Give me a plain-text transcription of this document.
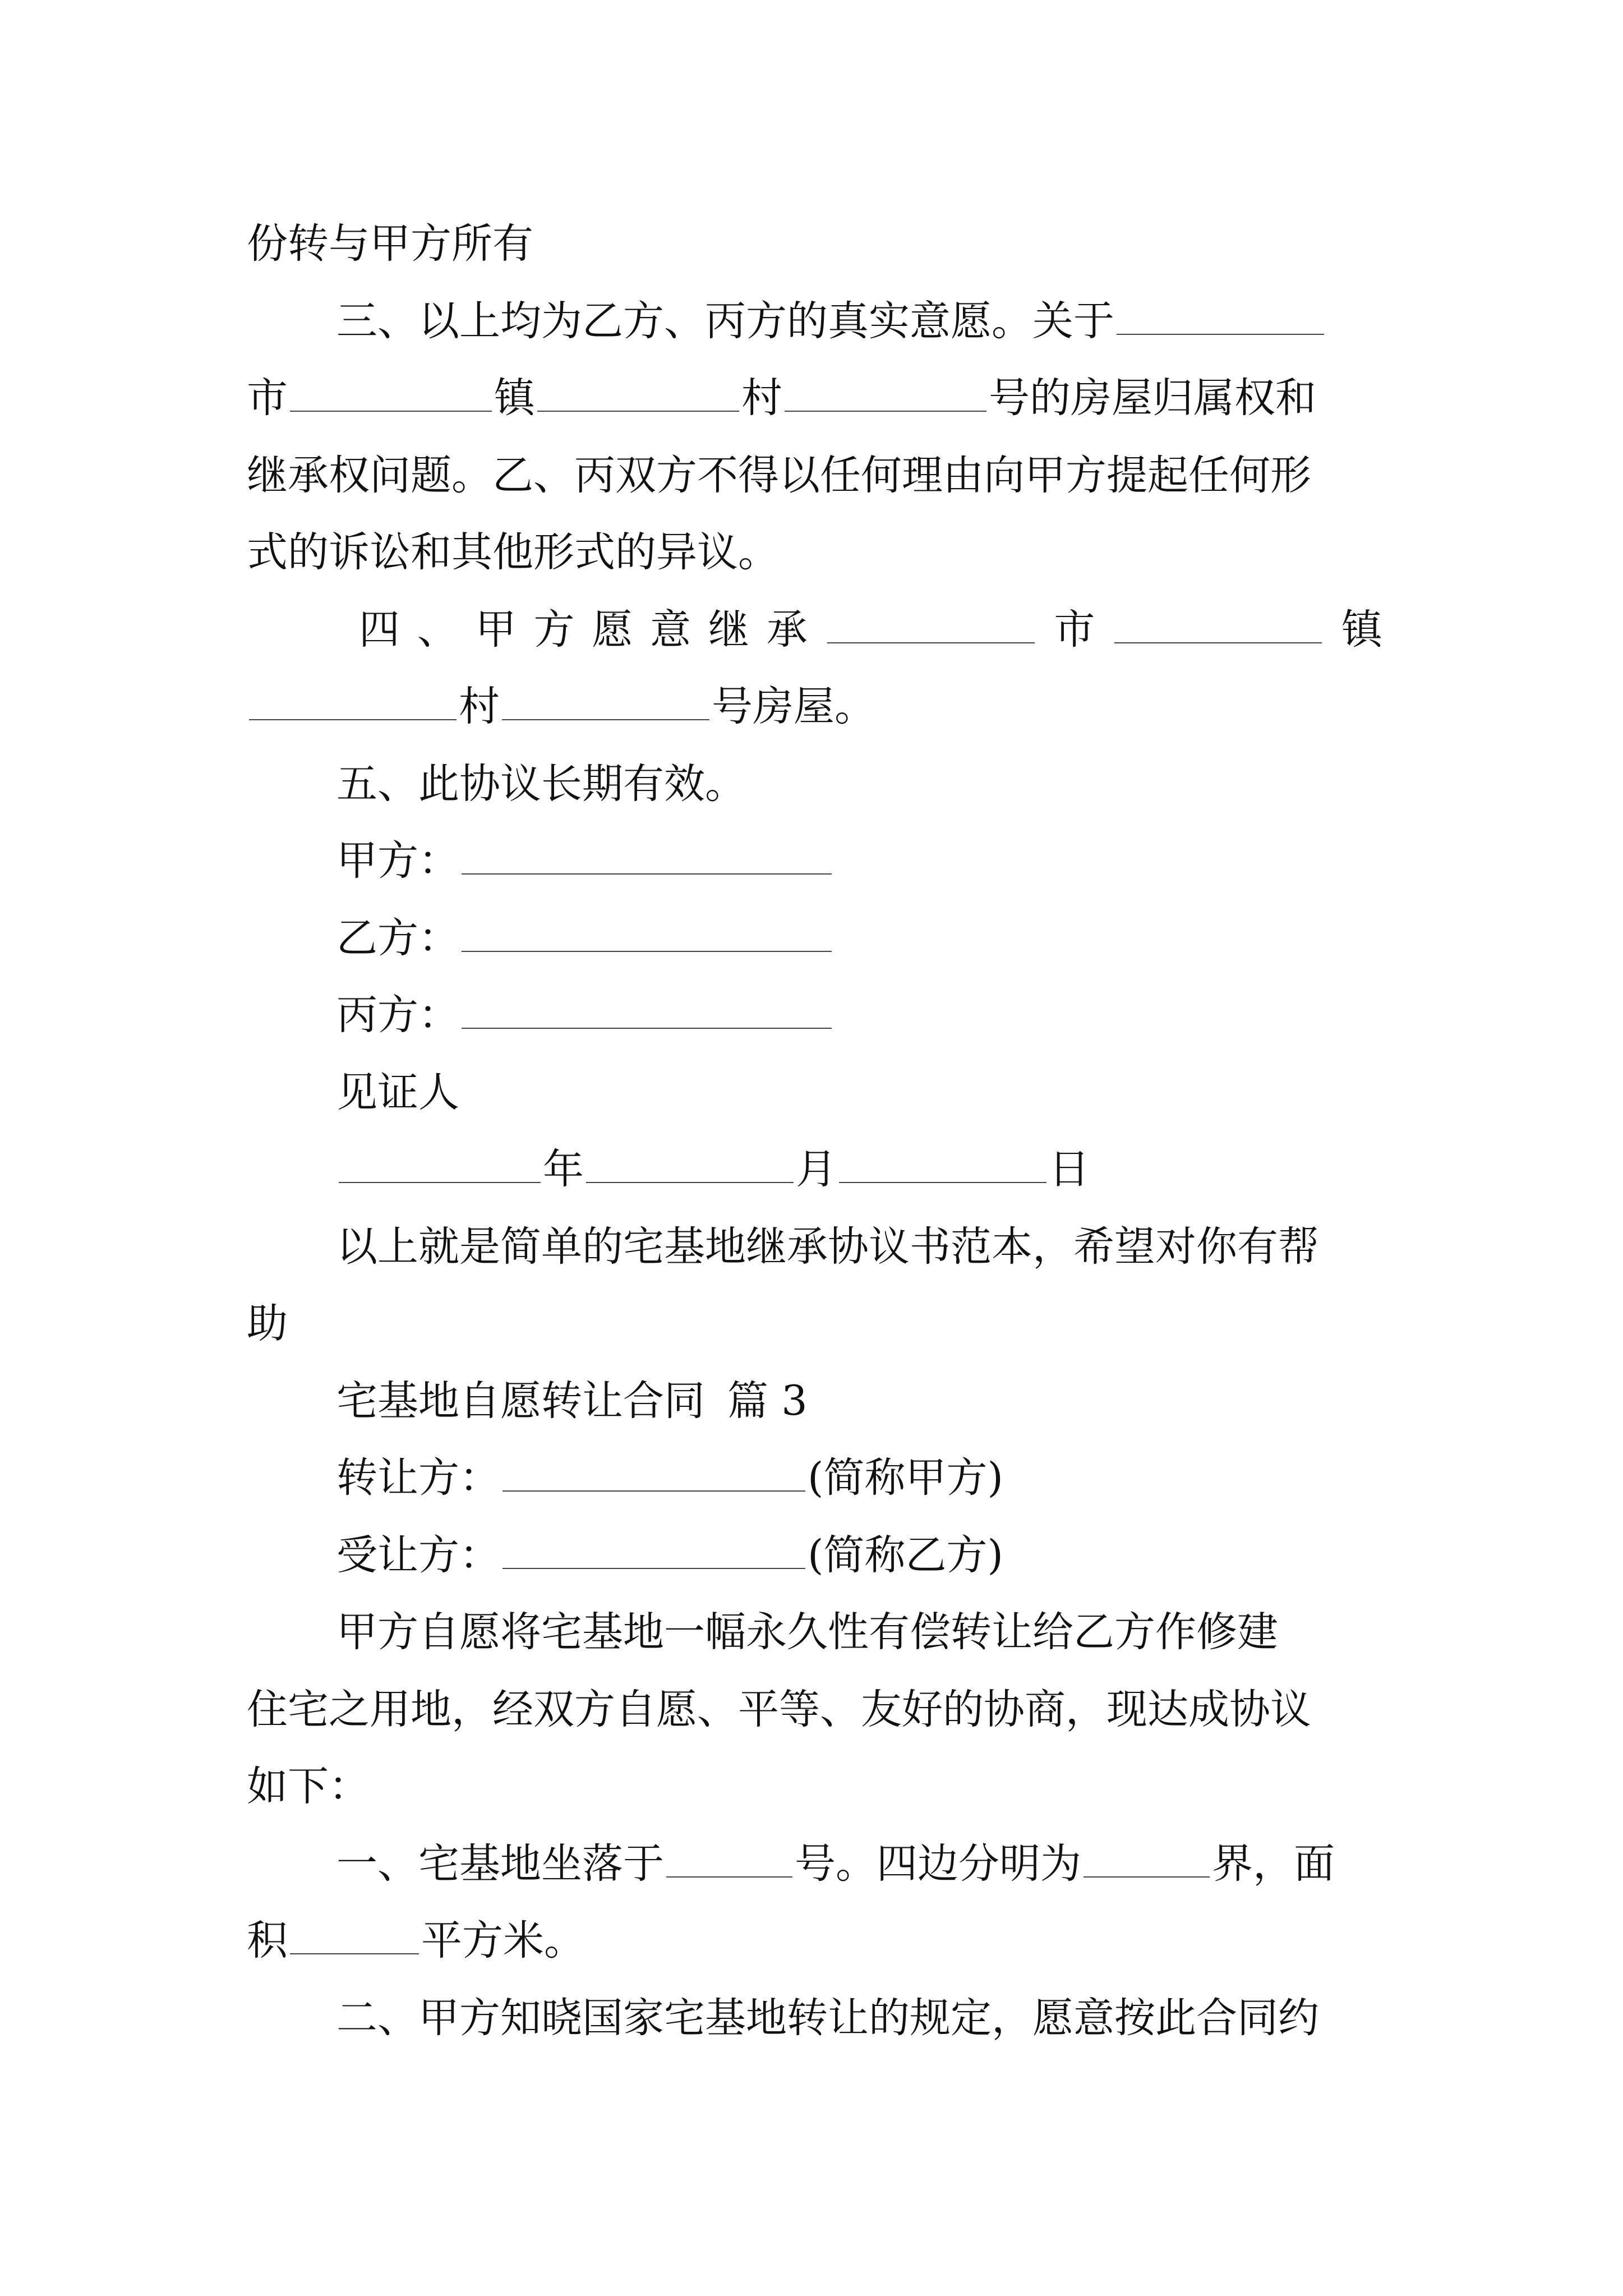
份转与甲方所有
三、以上均为乙方、丙方的真实意愿。关于
市	镇	村	号的房屋归属权和
继承权问题。乙、丙双方不得以任何理由向甲方提起任何形
式的诉讼和其他形式的异议。
四 、 甲 方 愿 意 继 承	市	镇
村	号房屋。
五、此协议长期有效。
甲方：
乙方：
丙方：
见证人
年	月	日
以上就是简单的宅基地继承协议书范本，希望对你有帮
助
宅基地自愿转让合同 篇 3
转让方：	(简称甲方)
受让方：	(简称乙方)
甲方自愿将宅基地一幅永久性有偿转让给乙方作修建
住宅之用地，经双方自愿、平等、友好的协商，现达成协议
如下：
一、宅基地坐落于	号。四边分明为	界，面
积	平方米。
二、甲方知晓国家宅基地转让的规定，愿意按此合同约
